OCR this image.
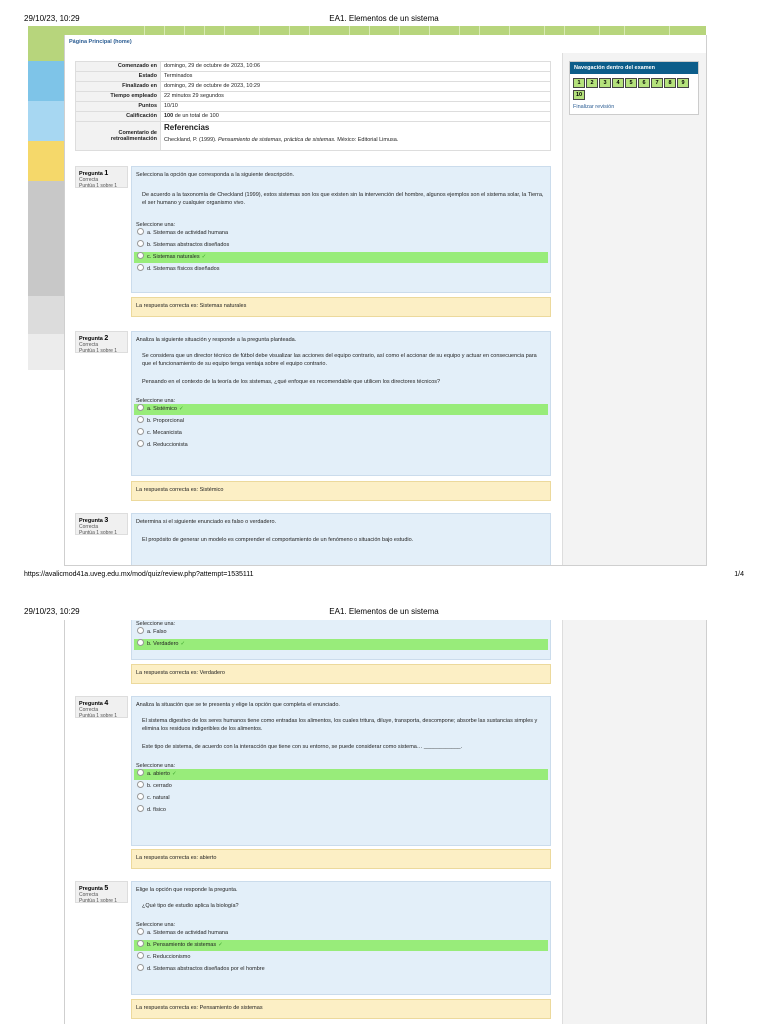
29/10/23, 10:29	EA1. Elementos de un sistema
Página Principal (home)
Navegación dentro del examen
1 2 3 4 5 6 7 8 910
Finalizar revisión
Comenzado en	domingo, 29 de octubre de 2023, 10:06
Estado	Terminados
Finalizado en	domingo, 29 de octubre de 2023, 10:29
Tiempo empleado	22 minutos 29 segundos
Puntos	10/10
Calificación	100 de un total de 100
Comentario de retroalimentación	Referencias
Checkland, P. (1999). Pensamiento de sistemas, práctica de sistemas. México: Editorial Limusa.
Pregunta 1
Correcta
Puntúa 1 sobre 1

Selecciona la opción que corresponda a la siguiente descripción.

De acuerdo a la taxonomía de Checkland (1999), estos sistemas son los que existen sin la intervención del hombre, algunos ejemplos son el sistema solar, la Tierra, el ser humano y cualquier organismo vivo.

Seleccione una:
a. Sistemas de actividad humana
b. Sistemas abstractos diseñados
c. Sistemas naturales ✓
d. Sistemas físicos diseñados
La respuesta correcta es: Sistemas naturales
Pregunta 2
Correcta
Puntúa 1 sobre 1

Analiza la siguiente situación y responde a la pregunta planteada.

Se considera que un director técnico de fútbol debe visualizar las acciones del equipo contrario, así como el accionar de su equipo y actuar en consecuencia para que el funcionamiento de su equipo tenga ventaja sobre el equipo contrario.

Pensando en el contexto de la teoría de los sistemas, ¿qué enfoque es recomendable que utilicen los directores técnicos?

Seleccione una:
a. Sistémico ✓
b. Proporcional
c. Mecanicista
d. Reduccionista
La respuesta correcta es: Sistémico
Pregunta 3
Correcta
Puntúa 1 sobre 1

Determina si el siguiente enunciado es falso o verdadero.

El propósito de generar un modelo es comprender el comportamiento de un fenómeno o situación bajo estudio.

https://avalicmod41a.uveg.edu.mx/mod/quiz/review.php?attempt=1535111	1/4
29/10/23, 10:29	EA1. Elementos de un sistema
Seleccione una:
a. Falso
b. Verdadero ✓
La respuesta correcta es: Verdadero
Pregunta 4
Correcta
Puntúa 1 sobre 1

Analiza la situación que se te presenta y elige la opción que completa el enunciado.

El sistema digestivo de los seres humanos tiene como entradas los alimentos, los cuales tritura, diluye, transporta, descompone; absorbe las sustancias simples y elimina los residuos indigeribles de los alimentos.

Este tipo de sistema, de acuerdo con la interacción que tiene con su entorno, se puede considerar como sistema… ____________.

Seleccione una:
a. abierto ✓
b. cerrado
c. natural
d. físico
La respuesta correcta es: abierto
Pregunta 5
Correcta
Puntúa 1 sobre 1

Elige la opción que responde la pregunta.

¿Qué tipo de estudio aplica la biología?

Seleccione una:
a. Sistemas de actividad humana
b. Pensamiento de sistemas ✓
c. Reduccionismo
d. Sistemas abstractos diseñados por el hombre
La respuesta correcta es: Pensamiento de sistemas
